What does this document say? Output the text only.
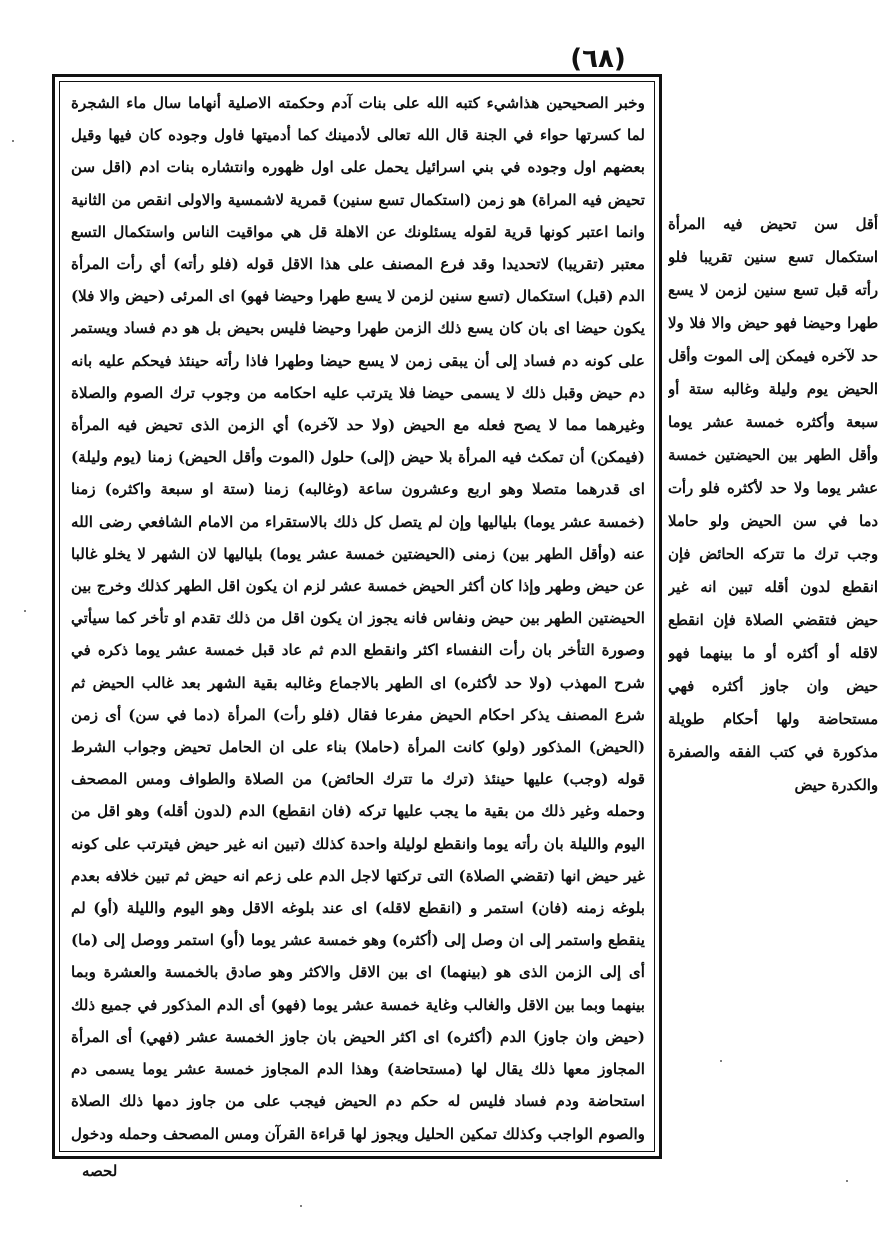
(٦٨)

وخبر الصحيحين هذاشيء كتبه الله على بنات آدم وحكمته الاصلية أنهاما سال ماء الشجرة لما كسرتها حواء في الجنة قال الله تعالى لأدمينك كما أدميتها فاول وجوده كان فيها وقيل بعضهم اول وجوده في بني اسرائيل يحمل على اول ظهوره وانتشاره بنات ادم (اقل سن تحيض فيه المراة) هو زمن (استكمال تسع سنين) قمرية لاشمسية والاولى انقص من الثانية وانما اعتبر كونها قرية لقوله يسئلونك عن الاهلة قل هي مواقيت الناس واستكمال التسع معتبر (تقريبا) لاتحديدا وقد فرع المصنف على هذا الاقل قوله (فلو رأته) أي رأت المرأة الدم (قبل) استكمال (تسع سنين لزمن لا يسع طهرا وحيضا فهو) اى المرئى (حيض والا فلا) يكون حيضا اى بان كان يسع ذلك الزمن طهرا وحيضا فليس بحيض بل هو دم فساد ويستمر على كونه دم فساد إلى أن يبقى زمن لا يسع حيضا وطهرا فاذا رأته حينئذ فيحكم عليه بانه دم حيض وقبل ذلك لا يسمى حيضا فلا يترتب عليه احكامه من وجوب ترك الصوم والصلاة وغيرهما مما لا يصح فعله مع الحيض (ولا حد لآخره) أي الزمن الذى تحيض فيه المرأة (فيمكن) أن تمكث فيه المرأة بلا حيض (إلى) حلول (الموت وأقل الحيض) زمنا (يوم وليلة) اى قدرهما متصلا وهو اربع وعشرون ساعة (وغالبه) زمنا (ستة او سبعة واكثره) زمنا (خمسة عشر يوما) بلياليها وإن لم يتصل كل ذلك بالاستقراء من الامام الشافعي رضى الله عنه (وأقل الطهر بين) زمنى (الحيضتين خمسة عشر يوما) بلياليها لان الشهر لا يخلو غالبا عن حيض وطهر وإذا كان أكثر الحيض خمسة عشر لزم ان يكون اقل الطهر كذلك وخرج بين الحيضتين الطهر بين حيض ونفاس فانه يجوز ان يكون اقل من ذلك تقدم او تأخر كما سيأتي وصورة التأخر بان رأت النفساء اكثر وانقطع الدم ثم عاد قبل خمسة عشر يوما ذكره في شرح المهذب (ولا حد لأكثره) اى الطهر بالاجماع وغالبه بقية الشهر بعد غالب الحيض ثم شرع المصنف يذكر احكام الحيض مفرعا فقال (فلو رأت) المرأة (دما في سن) أى زمن (الحيض) المذكور (ولو) كانت المرأة (حاملا) بناء على ان الحامل تحيض وجواب الشرط قوله (وجب) عليها حينئذ (ترك ما تترك الحائض) من الصلاة والطواف ومس المصحف وحمله وغير ذلك من بقية ما يجب عليها تركه (فان انقطع) الدم (لدون أقله) وهو اقل من اليوم والليلة بان رأته يوما وانقطع لوليلة واحدة كذلك (تبين انه غير حيض فيترتب على كونه غير حيض انها (تقضي الصلاة) التى تركتها لاجل الدم على زعم انه حيض ثم تبين خلافه بعدم بلوغه زمنه (فان) استمر و (انقطع لاقله) اى عند بلوغه الاقل وهو اليوم والليلة (أو) لم ينقطع واستمر إلى ان وصل إلى (أكثره) وهو خمسة عشر يوما (أو) استمر ووصل إلى (ما) أى إلى الزمن الذى هو (بينهما) اى بين الاقل والاكثر وهو صادق بالخمسة والعشرة وبما بينهما وبما بين الاقل والغالب وغاية خمسة عشر يوما (فهو) أى الدم المذكور في جميع ذلك (حيض وان جاوز) الدم (أكثره) اى اكثر الحيض بان جاوز الخمسة عشر (فهي) أى المرأة المجاوز معها ذلك يقال لها (مستحاضة) وهذا الدم المجاوز خمسة عشر يوما يسمى دم استحاضة ودم فساد فليس له حكم دم الحيض فيجب على من جاوز دمها ذلك الصلاة والصوم الواجب وكذلك تمكين الحليل ويجوز لها قراءة القرآن ومس المصحف وحمله ودخول

أقل سن تحيض فيه المرأة استكمال تسع سنين تقريبا فلو رأته قبل تسع سنين لزمن لا يسع طهرا وحيضا فهو حيض والا فلا ولا حد لآخره فيمكن إلى الموت وأقل الحيض يوم وليلة وغالبه ستة أو سبعة وأكثره خمسة عشر يوما وأقل الطهر بين الحيضتين خمسة عشر يوما ولا حد لأكثره فلو رأت دما في سن الحيض ولو حاملا وجب ترك ما تتركه الحائض فإن انقطع لدون أقله تبين انه غير حيض فتقضي الصلاة فإن انقطع لاقله أو أكثره أو ما بينهما فهو حيض وان جاوز أكثره فهي مستحاضة ولها أحكام طويلة مذكورة في كتب الفقه والصفرة والكدرة حيض

لحصه
